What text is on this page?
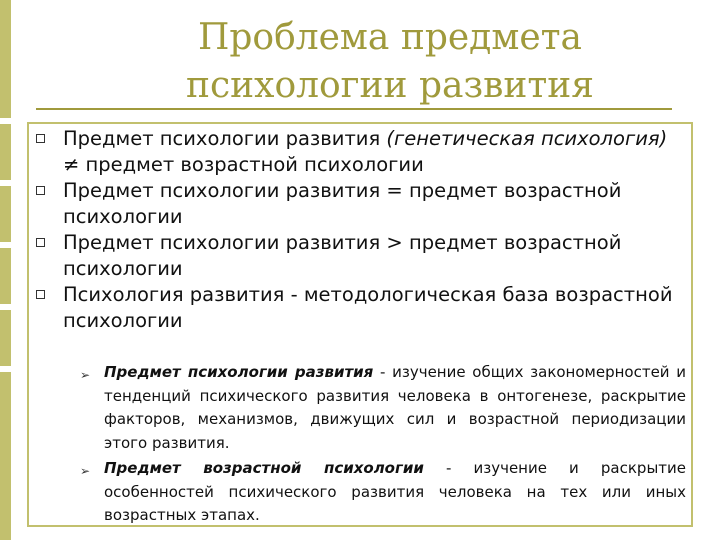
Проблема предмета психологии развития
Предмет психологии развития (генетическая психология) ≠ предмет возрастной психологии
Предмет психологии развития = предмет возрастной психологии
Предмет психологии развития > предмет возрастной психологии
Психология развития - методологическая база возрастной психологии
➢ Предмет психологии развития - изучение общих закономерностей и тенденций психического развития человека в онтогенезе, раскрытие факторов, механизмов, движущих сил и возрастной периодизации этого развития.
➢ Предмет возрастной психологии - изучение и раскрытие особенностей психического развития человека на тех или иных возрастных этапах.
